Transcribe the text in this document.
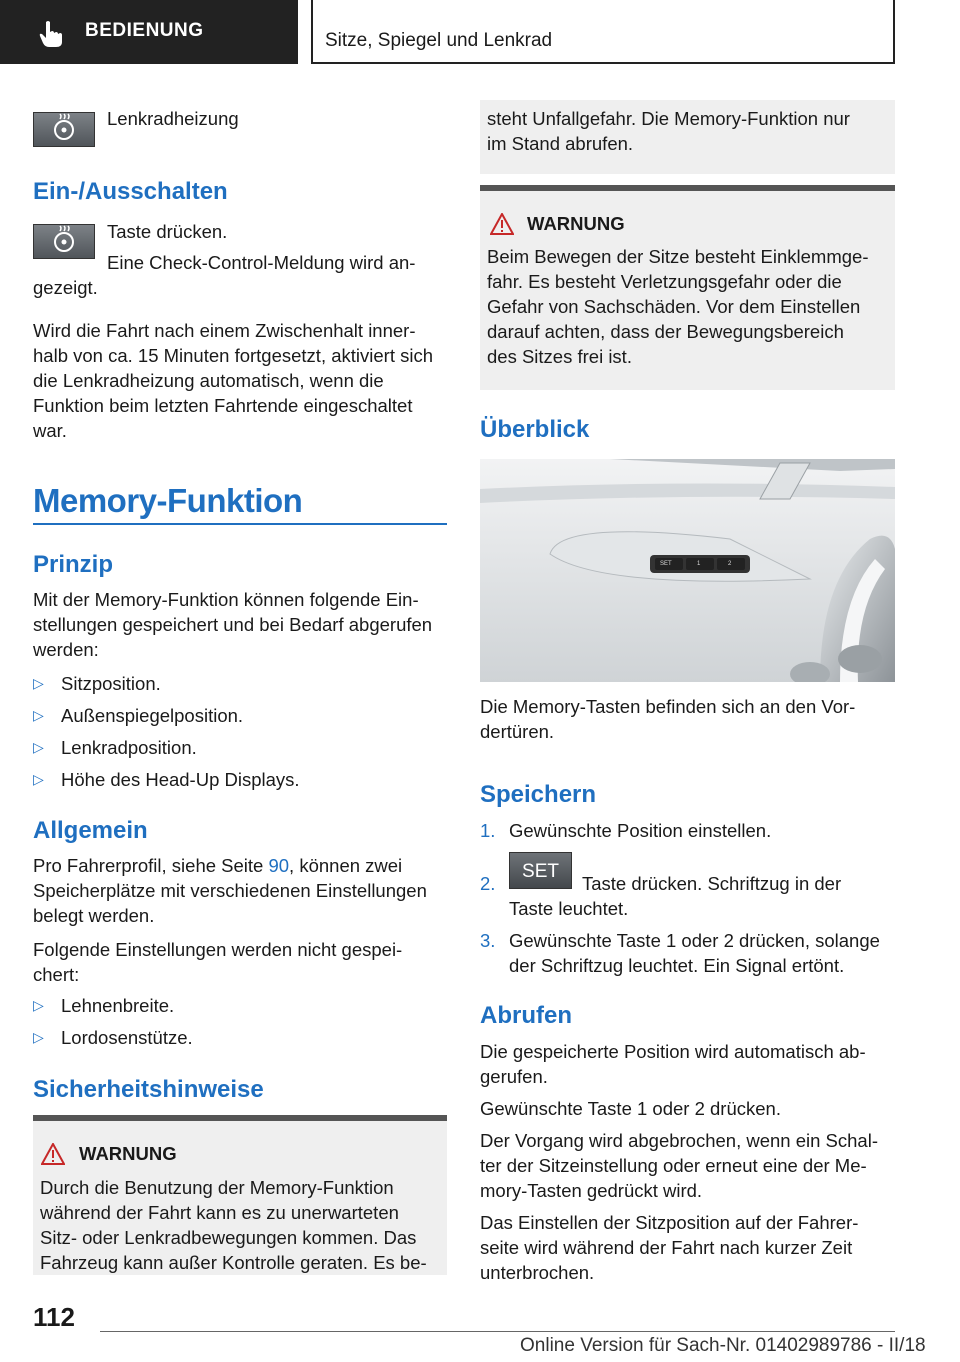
BEDIENUNG	Sitze, Spiegel und Lenkrad
Lenkradheizung
Ein-/Ausschalten
Taste drücken.
Eine Check-Control-Meldung wird an-
gezeigt.

Wird die Fahrt nach einem Zwischenhalt inner-

halb von ca. 15 Minuten fortgesetzt, aktiviert sich

die Lenkradheizung automatisch, wenn die

Funktion beim letzten Fahrtende eingeschaltet

war.

Memory-Funktion
Prinzip

Mit der Memory-Funktion können folgende Ein-

stellungen gespeichert und bei Bedarf abgerufen

werden:

▷ Sitzposition.
▷ Außenspiegelposition.
▷ Lenkradposition.
▷ Höhe des Head-Up Displays.
Allgemein

Pro Fahrerprofil, siehe Seite 90, können zwei

Speicherplätze mit verschiedenen Einstellungen

belegt werden.

Folgende Einstellungen werden nicht gespei-

chert:

▷ Lehnenbreite.
▷ Lordosenstütze.
Sicherheitshinweise
WARNUNG

Durch die Benutzung der Memory-Funktion

während der Fahrt kann es zu unerwarteten

Sitz- oder Lenkradbewegungen kommen. Das

Fahrzeug kann außer Kontrolle geraten. Es be-

steht Unfallgefahr. Die Memory-Funktion nur

im Stand abrufen.

WARNUNG

Beim Bewegen der Sitze besteht Einklemmge-

fahr. Es besteht Verletzungsgefahr oder die

Gefahr von Sachschäden. Vor dem Einstellen

darauf achten, dass der Bewegungsbereich

des Sitzes frei ist.

Überblick
SET	1	2

Die Memory-Tasten befinden sich an den Vor-

dertüren.

Speichern
1. Gewünschte Position einstellen.
2.
SET
Taste drücken. Schriftzug in der
Taste leuchtet.
3. Gewünschte Taste 1 oder 2 drücken, solange
der Schriftzug leuchtet. Ein Signal ertönt.
Abrufen

Die gespeicherte Position wird automatisch ab-

gerufen.

Gewünschte Taste 1 oder 2 drücken.

Der Vorgang wird abgebrochen, wenn ein Schal-

ter der Sitzeinstellung oder erneut eine der Me-

mory-Tasten gedrückt wird.

Das Einstellen der Sitzposition auf der Fahrer-

seite wird während der Fahrt nach kurzer Zeit

unterbrochen.

112
Online Version für Sach-Nr. 01402989786 - II/18
